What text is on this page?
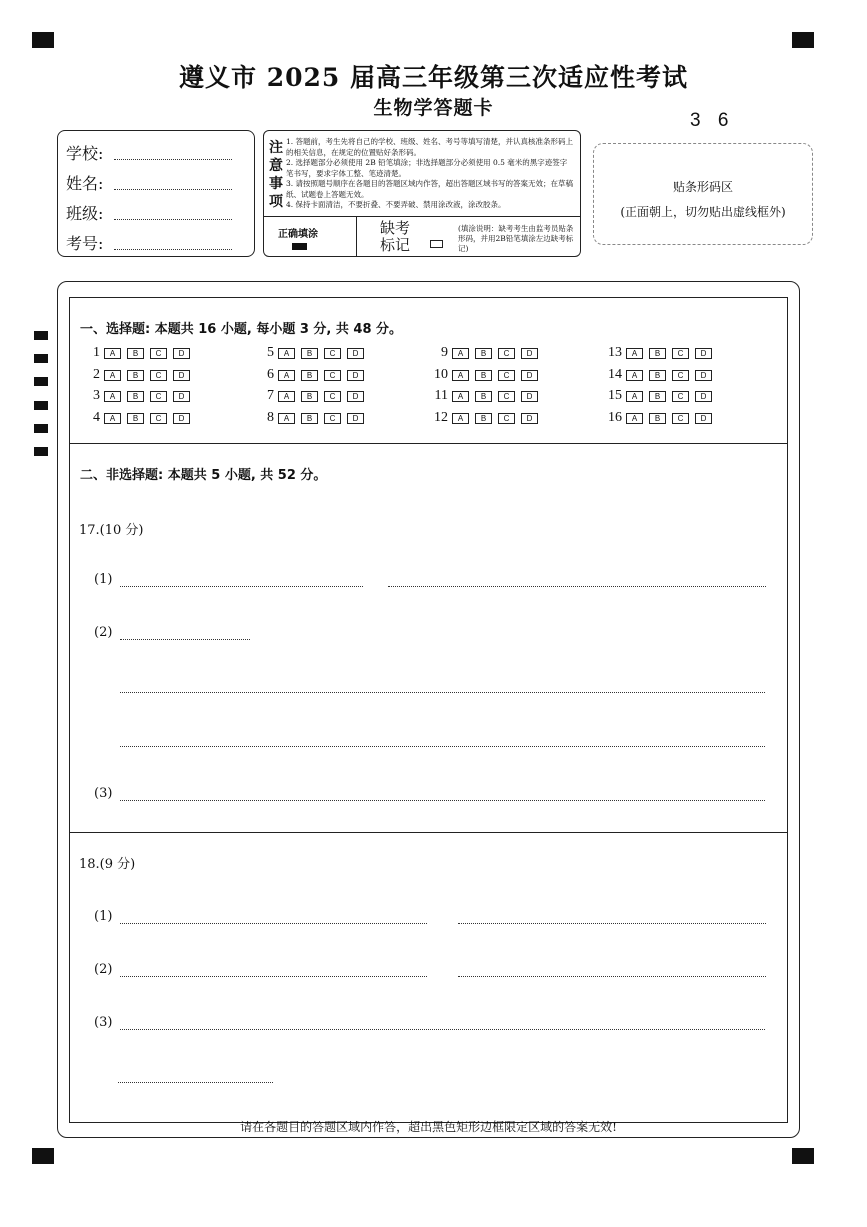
遵义市 2025 届高三年级第三次适应性考试
生物学答题卡
3 6
学校:
姓名:
班级:
考号:
注意事项
1. 答题前，考生先将自己的学校、班级、姓名、考号等填写清楚，并认真核准条形码上的相关信息，在规定的位置贴好条形码。
2. 选择题部分必须使用 2B 铅笔填涂；非选择题部分必须使用 0.5 毫米的黑字迹签字笔书写，要求字体工整、笔迹清楚。
3. 请按照题号顺序在各题目的答题区域内作答，超出答题区域书写的答案无效；在草稿纸、试题卷上答题无效。
4. 保持卡面清洁，不要折叠、不要弄破、禁用涂改液，涂改胶条。
正确填涂	缺考标记
(填涂说明：缺考考生由监考员贴条形码，并用2B铅笔填涂左边缺考标记)
贴条形码区
(正面朝上，切勿贴出虚线框外)
一、选择题: 本题共 16 小题, 每小题 3 分, 共 48 分。
1	A	B	C	D
2	A	B	C	D
3	A	B	C	D
4	A	B	C	D
5	A	B	C	D
6	A	B	C	D
7	A	B	C	D
8	A	B	C	D
9	A	B	C	D
10	A	B	C	D
11	A	B	C	D
12	A	B	C	D
13	A	B	C	D
14	A	B	C	D
15	A	B	C	D
16	A	B	C	D
二、非选择题: 本题共 5 小题, 共 52 分。
17.(10 分)
(1)
(2)
(3)
18.(9 分)
(1)
(2)
(3)
请在各题目的答题区域内作答，超出黑色矩形边框限定区域的答案无效!
